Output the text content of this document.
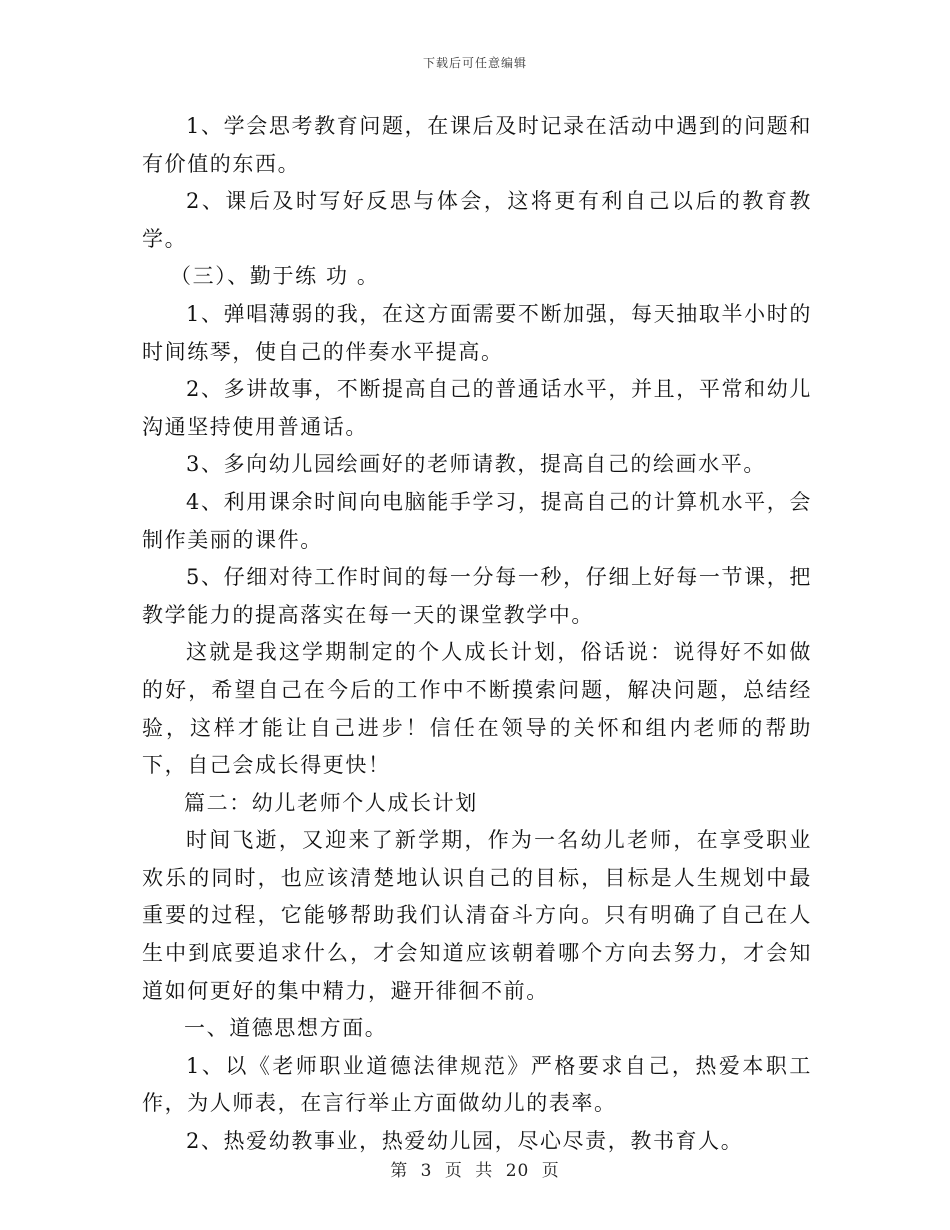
下载后可任意编辑

1、学会思考教育问题，在课后及时记录在活动中遇到的问题和有价值的东西。

2、课后及时写好反思与体会，这将更有利自己以后的教育教学。

（三）、勤于练 功 。

1、弹唱薄弱的我，在这方面需要不断加强，每天抽取半小时的时间练琴，使自己的伴奏水平提高。

2、多讲故事，不断提高自己的普通话水平，并且，平常和幼儿沟通坚持使用普通话。

3、多向幼儿园绘画好的老师请教，提高自己的绘画水平。

4、利用课余时间向电脑能手学习，提高自己的计算机水平，会制作美丽的课件。

5、仔细对待工作时间的每一分每一秒，仔细上好每一节课，把教学能力的提高落实在每一天的课堂教学中。

这就是我这学期制定的个人成长计划，俗话说：说得好不如做的好，希望自己在今后的工作中不断摸索问题，解决问题，总结经验，这样才能让自己进步！信任在领导的关怀和组内老师的帮助下，自己会成长得更快！

篇二：幼儿老师个人成长计划

时间飞逝，又迎来了新学期，作为一名幼儿老师，在享受职业欢乐的同时，也应该清楚地认识自己的目标，目标是人生规划中最重要的过程，它能够帮助我们认清奋斗方向。只有明确了自己在人生中到底要追求什么，才会知道应该朝着哪个方向去努力，才会知道如何更好的集中精力，避开徘徊不前。

一、道德思想方面。

1、以《老师职业道德法律规范》严格要求自己，热爱本职工作，为人师表，在言行举止方面做幼儿的表率。

2、热爱幼教事业，热爱幼儿园，尽心尽责，教书育人。

第 3 页 共 20 页
